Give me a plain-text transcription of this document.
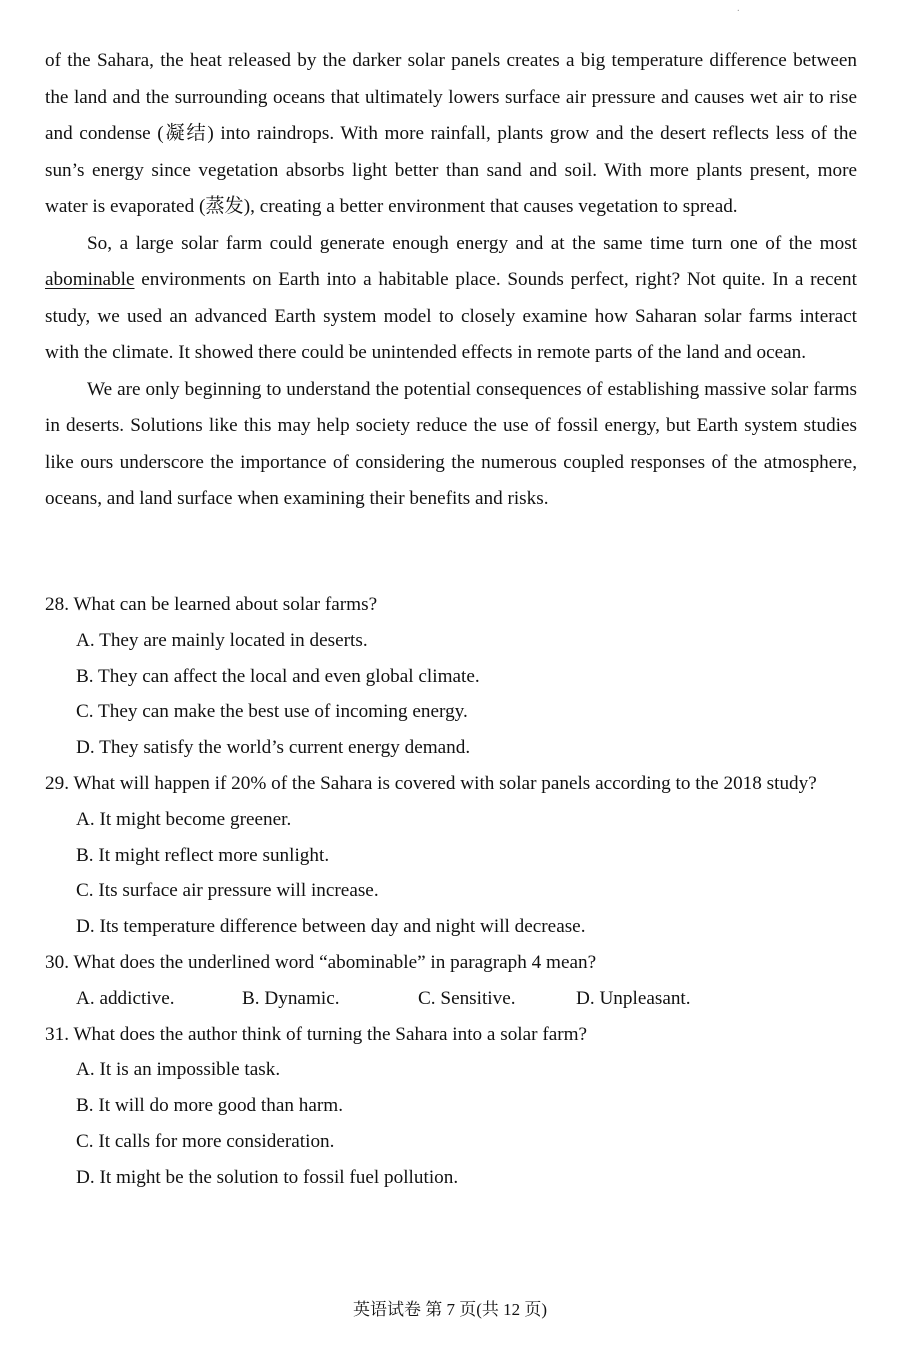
·

of the Sahara, the heat released by the darker solar panels creates a big temperature difference between the land and the surrounding oceans that ultimately lowers surface air pressure and causes wet air to rise and condense (凝结) into raindrops. With more rainfall, plants grow and the desert reflects less of the sun’s energy since vegetation absorbs light better than sand and soil. With more plants present, more water is evaporated (蒸发), creating a better environment that causes vegetation to spread.

So, a large solar farm could generate enough energy and at the same time turn one of the most abominable environments on Earth into a habitable place. Sounds perfect, right? Not quite. In a recent study, we used an advanced Earth system model to closely examine how Saharan solar farms interact with the climate. It showed there could be unintended effects in remote parts of the land and ocean.

We are only beginning to understand the potential consequences of establishing massive solar farms in deserts. Solutions like this may help society reduce the use of fossil energy, but Earth system studies like ours underscore the importance of considering the numerous coupled responses of the atmosphere, oceans, and land surface when examining their benefits and risks.

28. What can be learned about solar farms?
A. They are mainly located in deserts.
B. They can affect the local and even global climate.
C. They can make the best use of incoming energy.
D. They satisfy the world’s current energy demand.
29. What will happen if 20% of the Sahara is covered with solar panels according to the 2018 study?
A. It might become greener.
B. It might reflect more sunlight.
C. Its surface air pressure will increase.
D. Its temperature difference between day and night will decrease.
30. What does the underlined word “abominable” in paragraph 4 mean?
A. addictive.	B. Dynamic.	C. Sensitive.	D. Unpleasant.
31. What does the author think of turning the Sahara into a solar farm?
A. It is an impossible task.
B. It will do more good than harm.
C. It calls for more consideration.
D. It might be the solution to fossil fuel pollution.
英语试卷 第 7 页(共 12 页)
